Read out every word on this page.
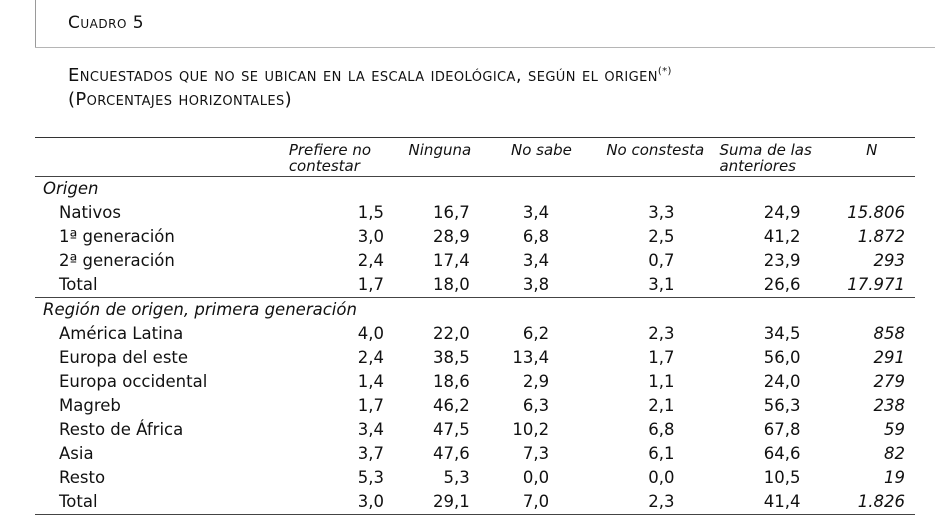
Cuadro 5
Encuestados que no se ubican en la escala ideológica, según el origen(*)
(Porcentajes horizontales)
	Prefiere no contestar	Ninguna	No sabe	No constesta	Suma de las anteriores	N
Origen						
Nativos	1,5	16,7	3,4	3,3	24,9	15.806
1ª generación	3,0	28,9	6,8	2,5	41,2	1.872
2ª generación	2,4	17,4	3,4	0,7	23,9	293
Total	1,7	18,0	3,8	3,1	26,6	17.971
Región de origen, primera generación						
América Latina	4,0	22,0	6,2	2,3	34,5	858
Europa del este	2,4	38,5	13,4	1,7	56,0	291
Europa occidental	1,4	18,6	2,9	1,1	24,0	279
Magreb	1,7	46,2	6,3	2,1	56,3	238
Resto de África	3,4	47,5	10,2	6,8	67,8	59
Asia	3,7	47,6	7,3	6,1	64,6	82
Resto	5,3	5,3	0,0	0,0	10,5	19
Total	3,0	29,1	7,0	2,3	41,4	1.826
